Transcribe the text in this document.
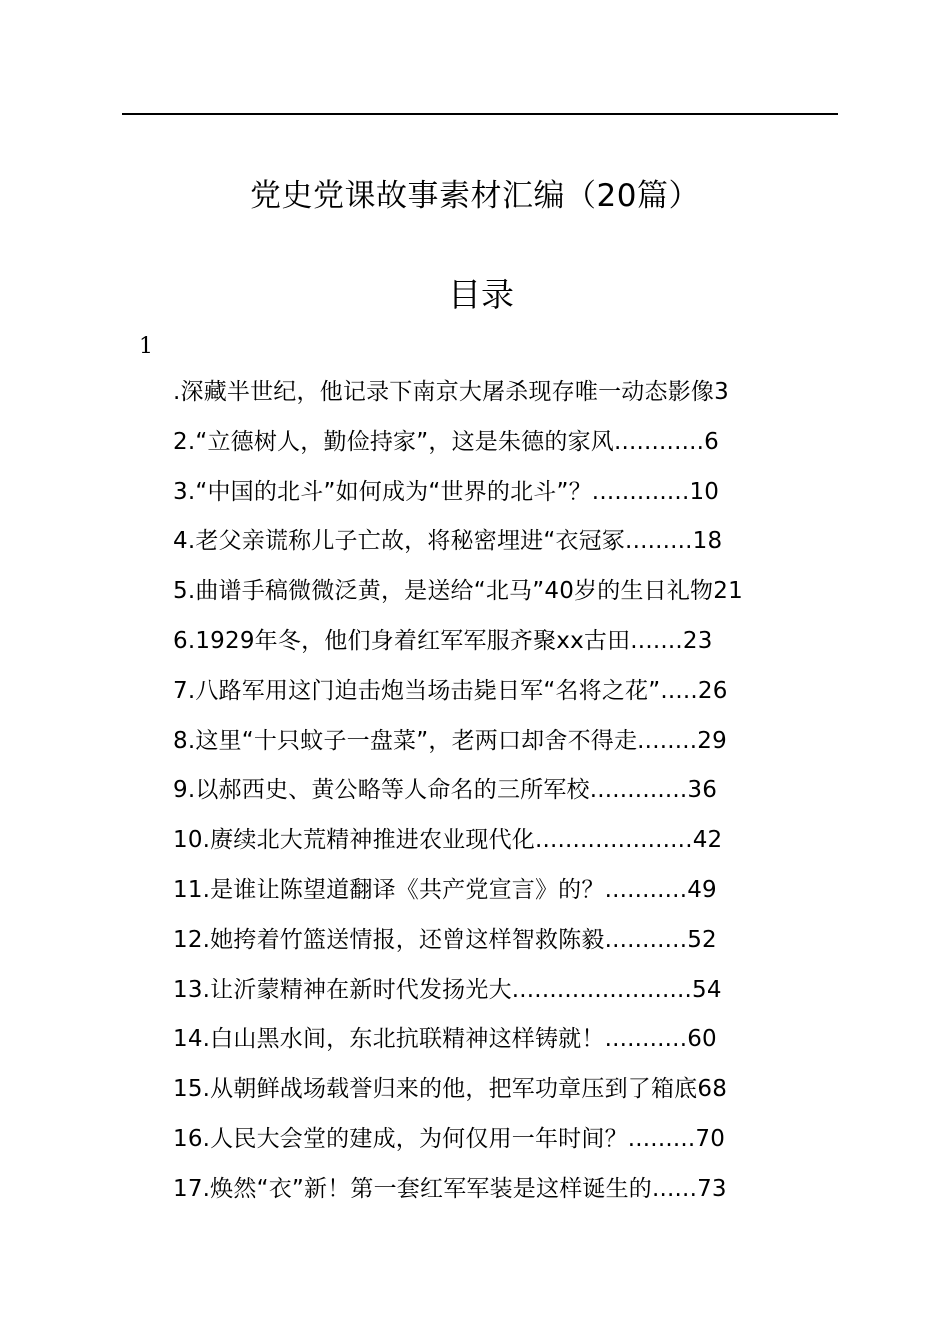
党史党课故事素材汇编（20篇）
目录
1
.深藏半世纪，他记录下南京大屠杀现存唯一动态影像3
2.“立德树人，勤俭持家”，这是朱德的家风............6
3.“中国的北斗”如何成为“世界的北斗”？.............10
4.老父亲谎称儿子亡故，将秘密埋进“衣冠冢.........18
5.曲谱手稿微微泛黄，是送给“北马”40岁的生日礼物21
6.1929年冬，他们身着红军军服齐聚xx古田.......23
7.八路军用这门迫击炮当场击毙日军“名将之花”.....26
8.这里“十只蚊子一盘菜”，老两口却舍不得走........29
9.以郝西史、黄公略等人命名的三所军校.............36
10.赓续北大荒精神推进农业现代化.....................42
11.是谁让陈望道翻译《共产党宣言》的？...........49
12.她挎着竹篮送情报，还曾这样智救陈毅...........52
13.让沂蒙精神在新时代发扬光大........................54
14.白山黑水间，东北抗联精神这样铸就！...........60
15.从朝鲜战场载誉归来的他，把军功章压到了箱底68
16.人民大会堂的建成，为何仅用一年时间？.........70
17.焕然“衣”新！第一套红军军装是这样诞生的......73
